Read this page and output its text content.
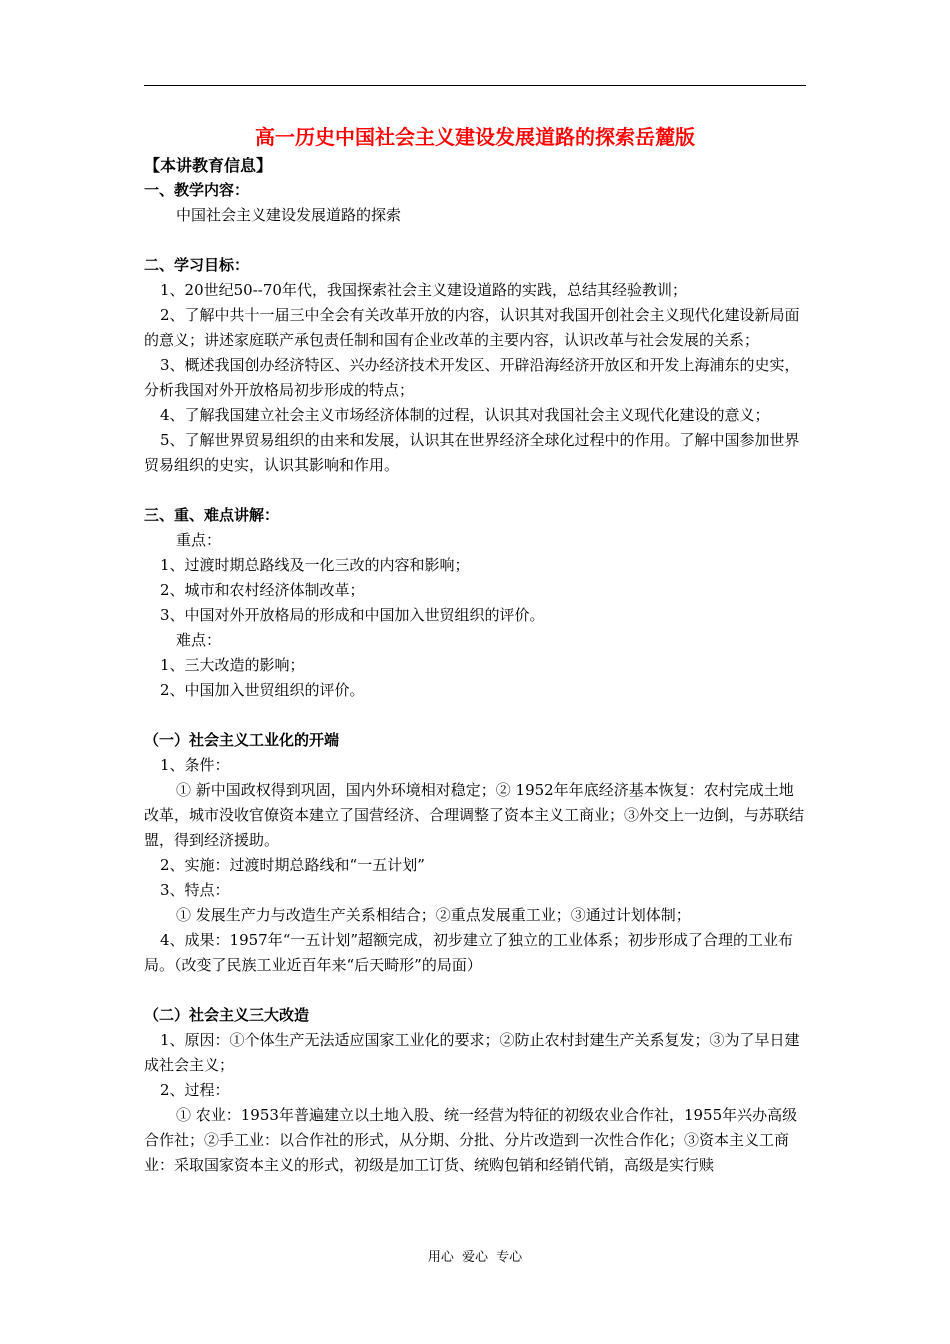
高一历史中国社会主义建设发展道路的探索岳麓版

【本讲教育信息】

一、教学内容：

中国社会主义建设发展道路的探索

二、学习目标：

1、20世纪50--70年代，我国探索社会主义建设道路的实践，总结其经验教训；

2、了解中共十一届三中全会有关改革开放的内容，认识其对我国开创社会主义现代化建设新局面的意义；讲述家庭联产承包责任制和国有企业改革的主要内容，认识改革与社会发展的关系；

3、概述我国创办经济特区、兴办经济技术开发区、开辟沿海经济开放区和开发上海浦东的史实，分析我国对外开放格局初步形成的特点；

4、了解我国建立社会主义市场经济体制的过程，认识其对我国社会主义现代化建设的意义；

5、了解世界贸易组织的由来和发展，认识其在世界经济全球化过程中的作用。了解中国参加世界贸易组织的史实，认识其影响和作用。

三、重、难点讲解：

重点：

1、过渡时期总路线及一化三改的内容和影响；

2、城市和农村经济体制改革；

3、中国对外开放格局的形成和中国加入世贸组织的评价。

难点：

1、三大改造的影响；

2、中国加入世贸组织的评价。

（一）社会主义工业化的开端

1、条件：

① 新中国政权得到巩固，国内外环境相对稳定；② 1952年年底经济基本恢复：农村完成土地改革，城市没收官僚资本建立了国营经济、合理调整了资本主义工商业；③外交上一边倒，与苏联结盟，得到经济援助。

2、实施：过渡时期总路线和“一五计划”

3、特点：

① 发展生产力与改造生产关系相结合；②重点发展重工业；③通过计划体制；

4、成果：1957年“一五计划”超额完成，初步建立了独立的工业体系；初步形成了合理的工业布局。（改变了民族工业近百年来“后天畸形”的局面）

（二）社会主义三大改造

1、原因：①个体生产无法适应国家工业化的要求；②防止农村封建生产关系复发；③为了早日建成社会主义；

2、过程：

① 农业：1953年普遍建立以土地入股、统一经营为特征的初级农业合作社，1955年兴办高级合作社；②手工业：以合作社的形式，从分期、分批、分片改造到一次性合作化；③资本主义工商业：采取国家资本主义的形式，初级是加工订货、统购包销和经销代销，高级是实行赎

用心 爱心 专心
